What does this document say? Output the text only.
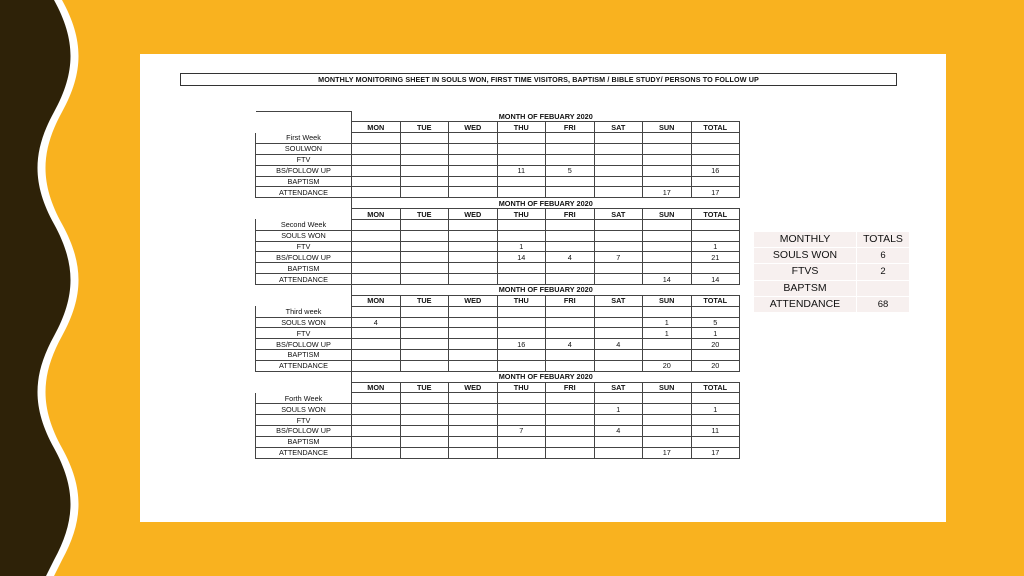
MONTHLY MONITORING SHEET IN SOULS WON, FIRST TIME VISITORS, BAPTISM / BIBLE STUDY/ PERSONS TO FOLLOW UP
	MONTH OF FEBUARY 2020							
	MON	TUE	WED	THU	FRI	SAT	SUN	TOTAL
First Week								
SOULWON								
FTV								
BS/FOLLOW UP				11	5			16
BAPTISM								
ATTENDANCE							17	17
	MONTH OF FEBUARY 2020							
	MON	TUE	WED	THU	FRI	SAT	SUN	TOTAL
Second Week								
SOULS WON								
FTV				1				1
BS/FOLLOW UP				14	4	7		21
BAPTISM								
ATTENDANCE							14	14
	MONTH OF FEBUARY 2020							
	MON	TUE	WED	THU	FRI	SAT	SUN	TOTAL
Third week								
SOULS WON	4						1	5
FTV							1	1
BS/FOLLOW UP				16	4	4		20
BAPTISM								
ATTENDANCE							20	20
	MONTH OF FEBUARY 2020							
	MON	TUE	WED	THU	FRI	SAT	SUN	TOTAL
Forth Week								
SOULS WON						1		1
FTV								
BS/FOLLOW UP				7		4		11
BAPTISM								
ATTENDANCE							17	17
MONTHLY	TOTALS
SOULS WON	6
FTVS	2
BAPTSM	
ATTENDANCE	68
